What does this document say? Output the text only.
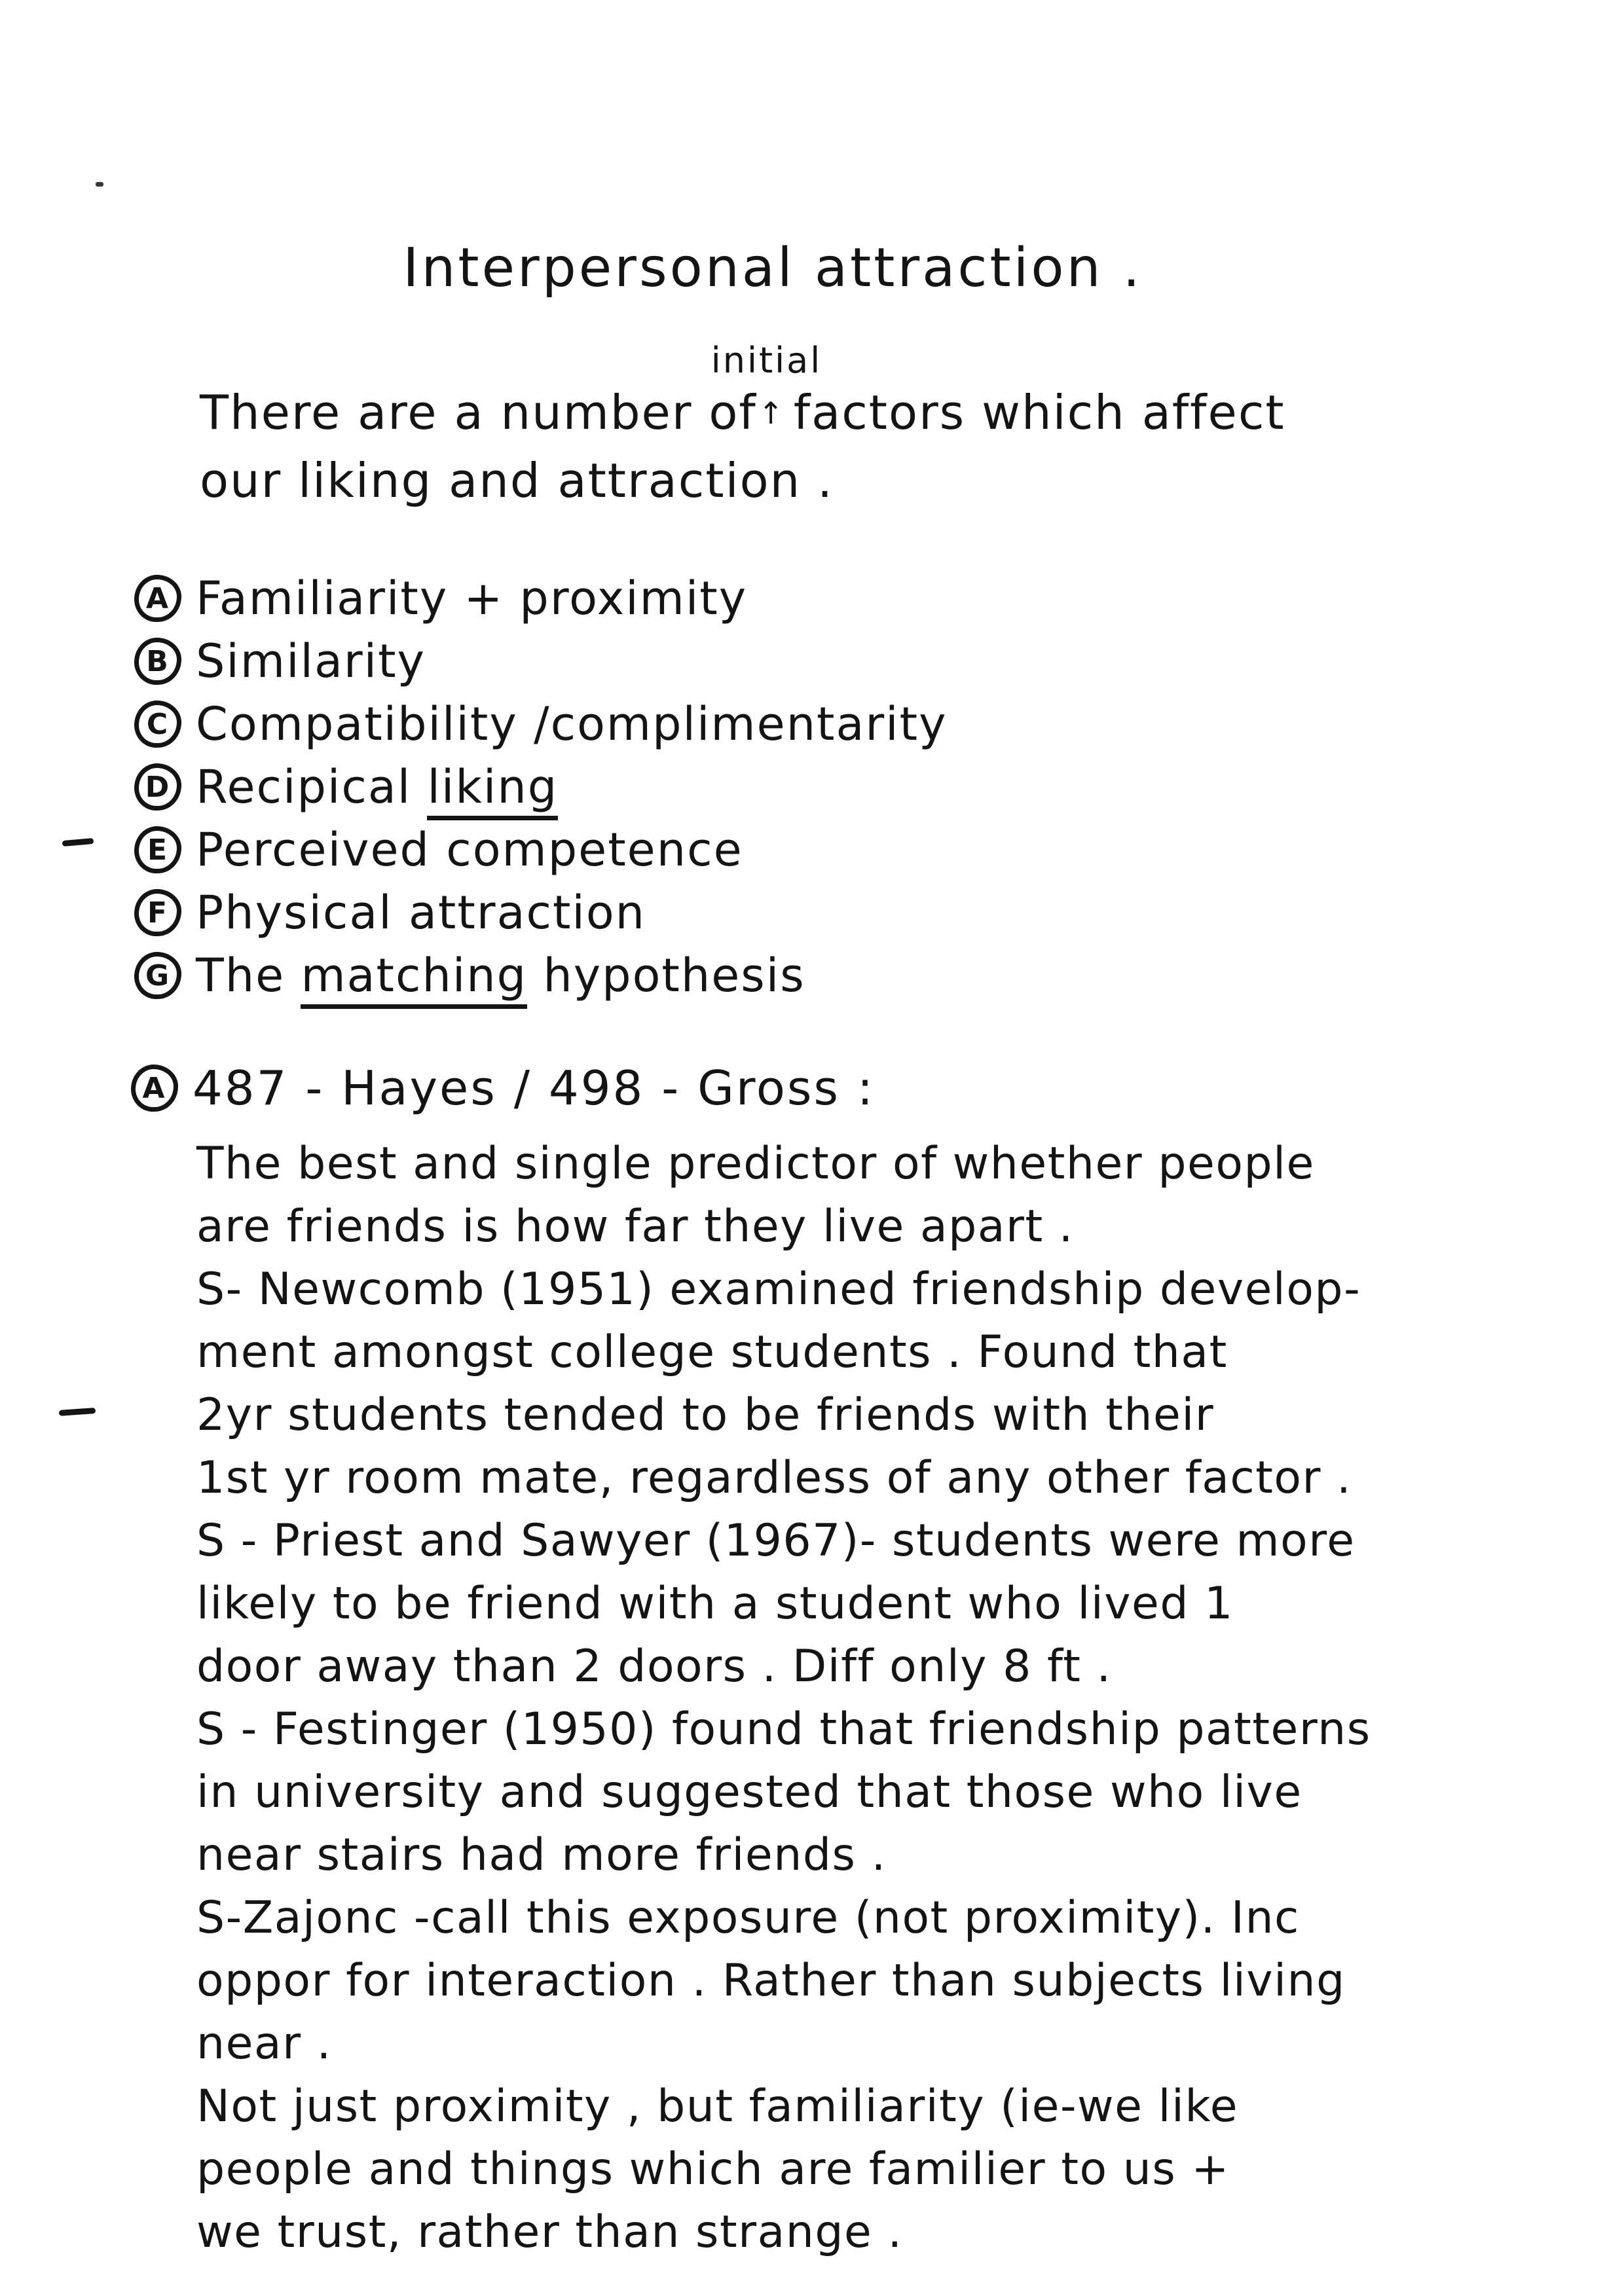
Interpersonal attraction .
There are a number of
initial
↑ factors which affect
our liking and attraction .
A Familiarity + proximity
B Similarity
C Compatibility /complimentarity
D Recipical liking
E Perceived competence
F Physical attraction
G The matching hypothesis
A 487 - Hayes / 498 - Gross :
The best and single predictor of whether people
are friends is how far they live apart .
S- Newcomb (1951) examined friendship develop-
ment amongst college students . Found that
2yr students tended to be friends with their
1st yr room mate, regardless of any other factor .
S - Priest and Sawyer (1967)- students were more
likely to be friend with a student who lived 1
door away than 2 doors . Diff only 8 ft .
S - Festinger (1950) found that friendship patterns
in university and suggested that those who live
near stairs had more friends .
S-Zajonc -call this exposure (not proximity). Inc
oppor for interaction . Rather than subjects living
near .
Not just proximity , but familiarity (ie-we like
people and things which are familier to us +
we trust, rather than strange .
